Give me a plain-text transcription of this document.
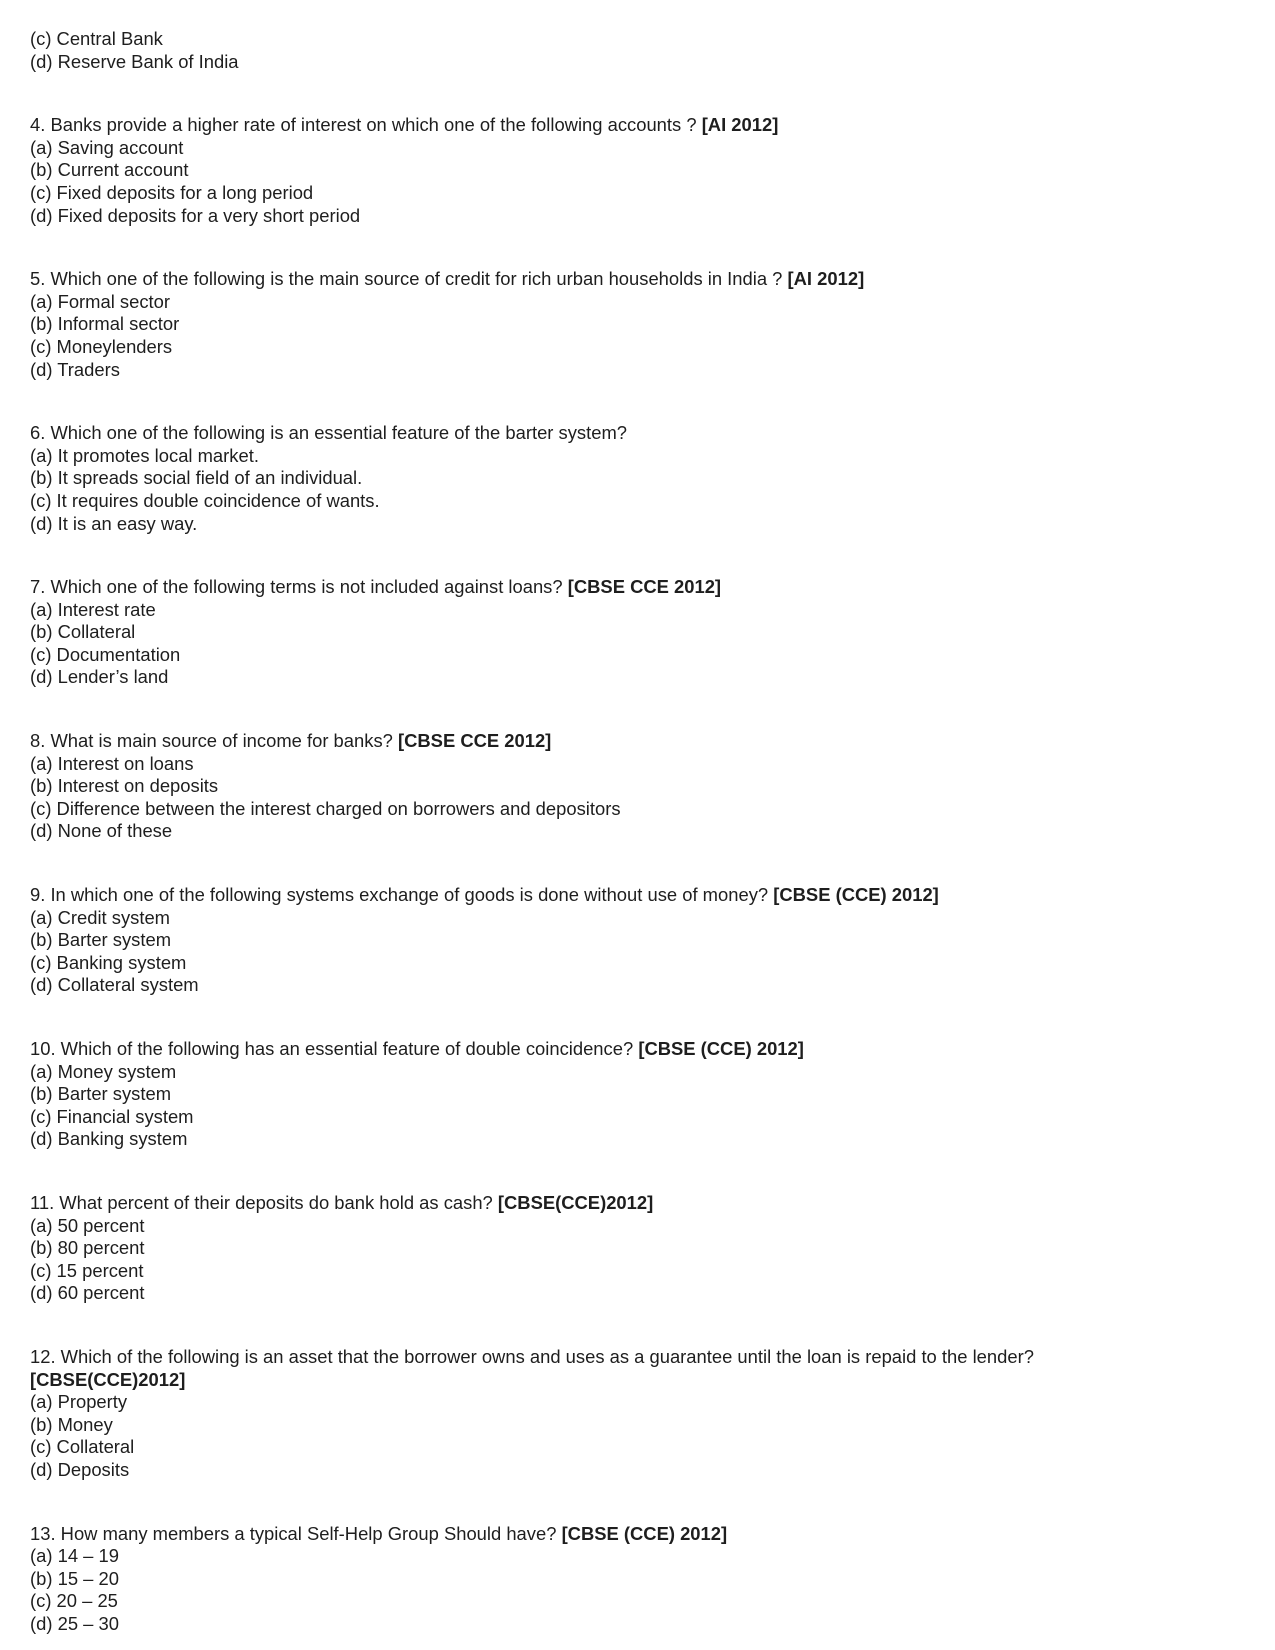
(c) Central Bank
(d) Reserve Bank of India
4. Banks provide a higher rate of interest on which one of the following accounts ? [AI 2012]
(a) Saving account
(b) Current account
(c) Fixed deposits for a long period
(d) Fixed deposits for a very short period
5. Which one of the following is the main source of credit for rich urban households in India ? [AI 2012]
(a) Formal sector
(b) Informal sector
(c) Moneylenders
(d) Traders
6. Which one of the following is an essential feature of the barter system?
(a) It promotes local market.
(b) It spreads social field of an individual.
(c) It requires double coincidence of wants.
(d) It is an easy way.
7. Which one of the following terms is not included against loans? [CBSE CCE 2012]
(a) Interest rate
(b) Collateral
(c) Documentation
(d) Lender’s land
8. What is main source of income for banks? [CBSE CCE 2012]
(a) Interest on loans
(b) Interest on deposits
(c) Difference between the interest charged on borrowers and depositors
(d) None of these
9. In which one of the following systems exchange of goods is done without use of money? [CBSE (CCE) 2012]
(a) Credit system
(b) Barter system
(c) Banking system
(d) Collateral system
10. Which of the following has an essential feature of double coincidence? [CBSE (CCE) 2012]
(a) Money system
(b) Barter system
(c) Financial system
(d) Banking system
11. What percent of their deposits do bank hold as cash? [CBSE(CCE)2012]
(a) 50 percent
(b) 80 percent
(c) 15 percent
(d) 60 percent
12. Which of the following is an asset that the borrower owns and uses as a guarantee until the loan is repaid to the lender? [CBSE(CCE)2012]
(a) Property
(b) Money
(c) Collateral
(d) Deposits
13. How many members a typical Self-Help Group Should have? [CBSE (CCE) 2012]
(a) 14 – 19
(b) 15 – 20
(c) 20 – 25
(d) 25 – 30
